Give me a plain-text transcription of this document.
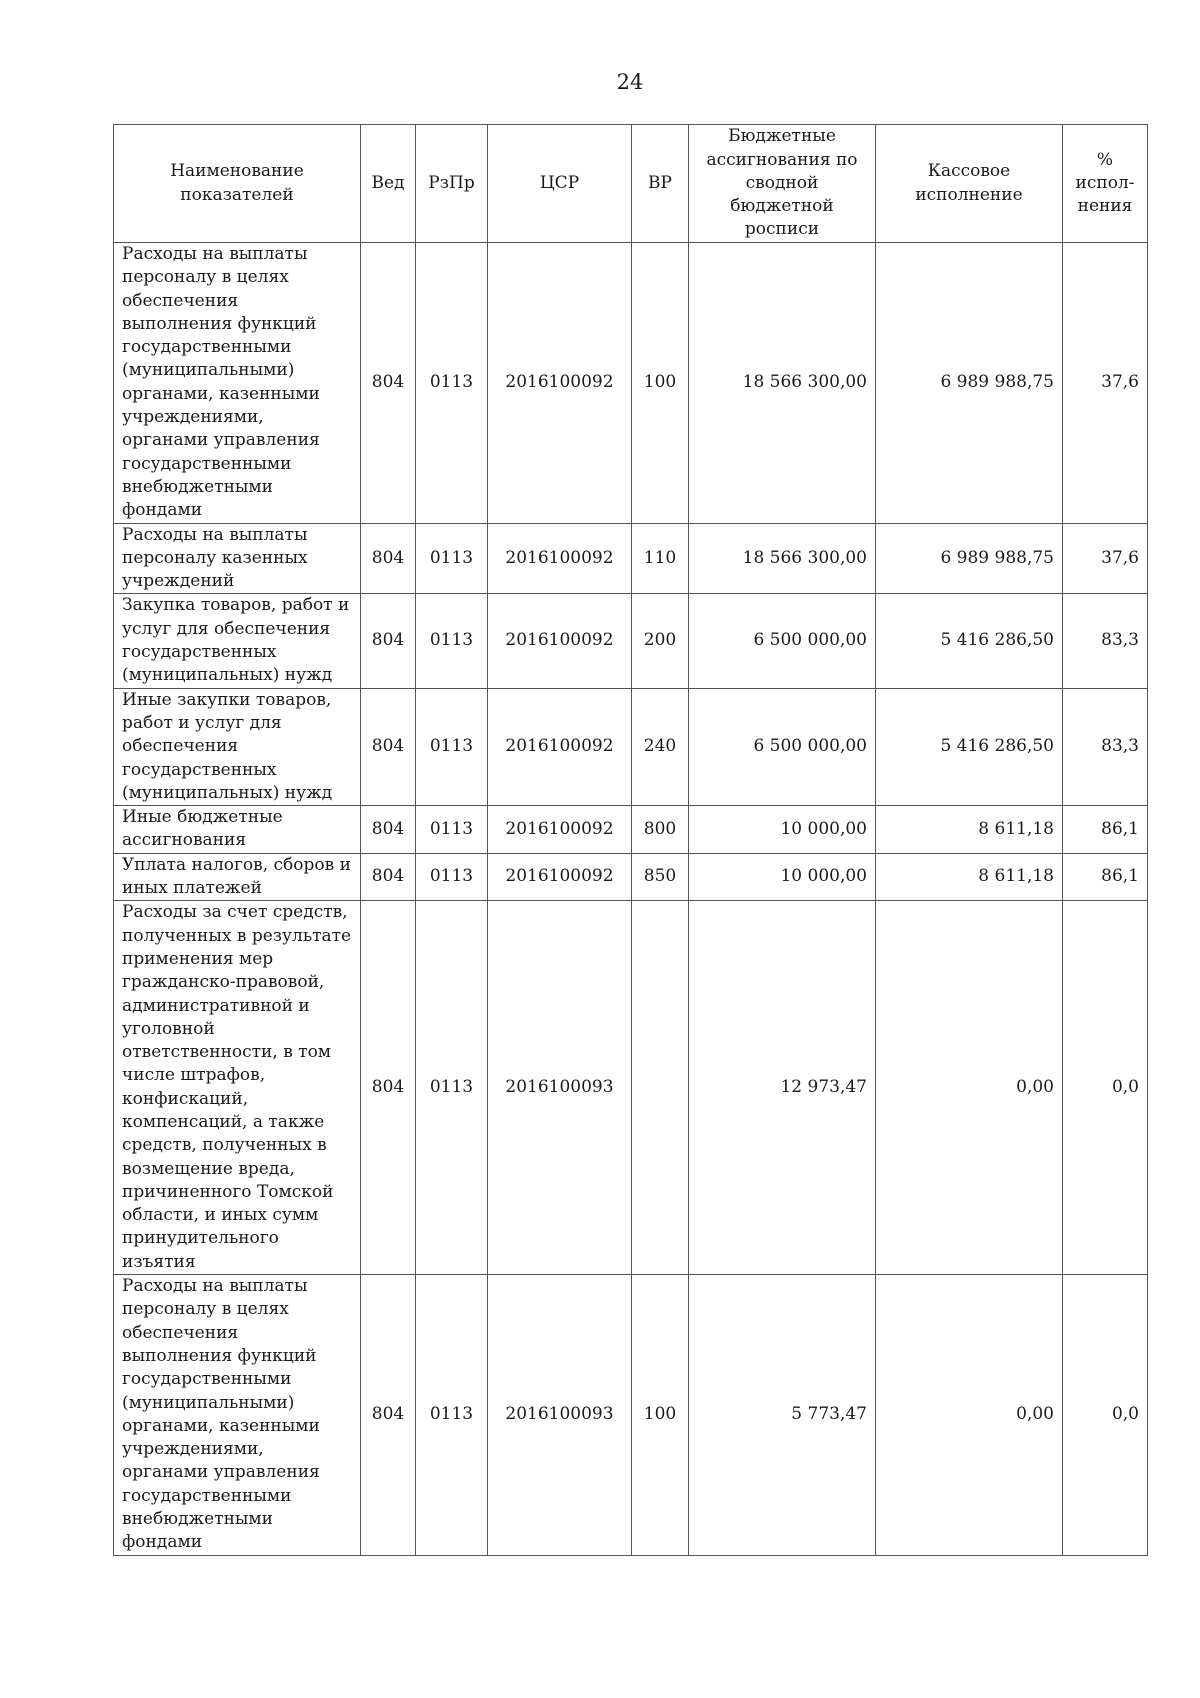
24
Наименование показателей	Вед	РзПр	ЦСР	ВР	Бюджетные ассигнования по сводной бюджетной росписи	Кассовое исполнение	% испол-нения
Расходы на выплаты персоналу в целях обеспечения выполнения функций государственными (муниципальными) органами, казенными учреждениями, органами управления государственными внебюджетными фондами	804	0113	2016100092	100	18 566 300,00	6 989 988,75	37,6
Расходы на выплаты персоналу казенных учреждений	804	0113	2016100092	110	18 566 300,00	6 989 988,75	37,6
Закупка товаров, работ и услуг для обеспечения государственных (муниципальных) нужд	804	0113	2016100092	200	6 500 000,00	5 416 286,50	83,3
Иные закупки товаров, работ и услуг для обеспечения государственных (муниципальных) нужд	804	0113	2016100092	240	6 500 000,00	5 416 286,50	83,3
Иные бюджетные ассигнования	804	0113	2016100092	800	10 000,00	8 611,18	86,1
Уплата налогов, сборов и иных платежей	804	0113	2016100092	850	10 000,00	8 611,18	86,1
Расходы за счет средств, полученных в результате применения мер гражданско-правовой, административной и уголовной ответственности, в том числе штрафов, конфискаций, компенсаций, а также средств, полученных в возмещение вреда, причиненного Томской области, и иных сумм принудительного изъятия	804	0113	2016100093		12 973,47	0,00	0,0
Расходы на выплаты персоналу в целях обеспечения выполнения функций государственными (муниципальными) органами, казенными учреждениями, органами управления государственными внебюджетными фондами	804	0113	2016100093	100	5 773,47	0,00	0,0
